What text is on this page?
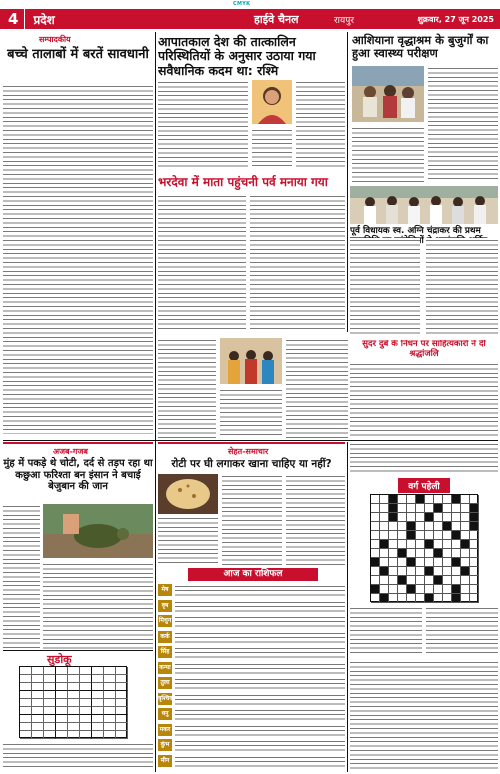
CMYK
4	प्रदेश	हाईवे चैनल	रायपुर	शुक्रवार, 27 जून 2025
सम्पादकीय
बच्चे तालाबों में बरतें सावधानी
आपातकाल देश की तात्कालिन परिस्थितियों के अनुसार उठाया गया सवैधानिक कदम था: रश्मि
आशियाना वृद्धाश्रम के बुजुर्गों का हुआ स्वास्थ्य परीक्षण
भरदेवा में माता पहुंचनी पर्व मनाया गया
पूर्व विधायक स्व. अग्नि चंद्राकर की प्रथम
सुंदर दुबे के निधन पर साहित्यकारों ने दी श्रद्धांजलि
अजब-गजब
मुंह में पकड़े थे चोटी, दर्द से तड़प रहा था कछुआ फरिश्ता बन इंसान ने बचाई बेजुबान की जान
सेहत-समाचार
रोटी पर घी लगाकर खाना चाहिए या नहीं?
वर्ग पहेली
सुडोकू
आज का राशिफल
मेष
वृष
मिथुन
कर्क
सिंह
कन्या
तुला
वृश्चिक
धनु
मकर
कुंभ
मीन
